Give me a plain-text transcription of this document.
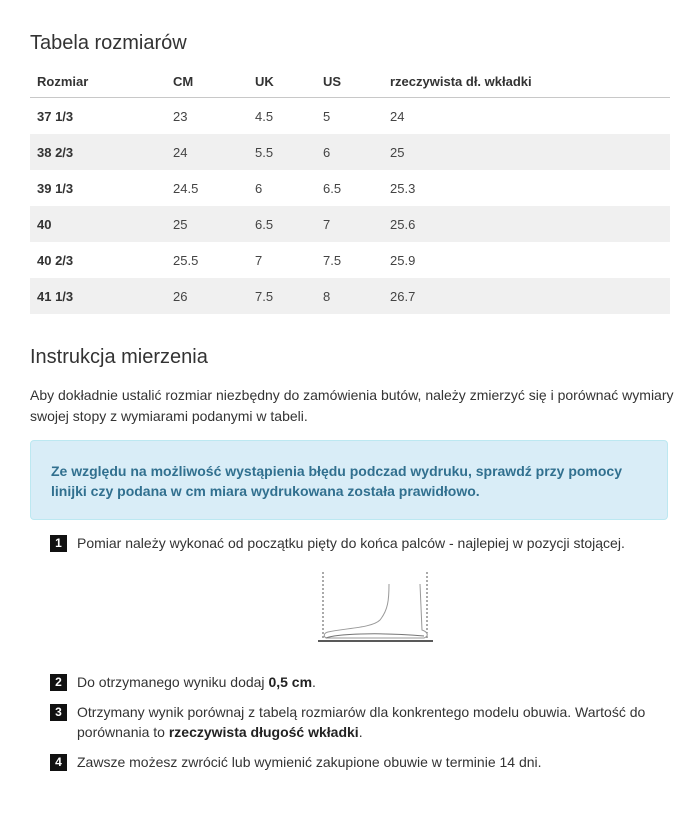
Tabela rozmiarów
Rozmiar	CM	UK	US	rzeczywista dł. wkładki
37 1/3	23	4.5	5	24
38 2/3	24	5.5	6	25
39 1/3	24.5	6	6.5	25.3
40	25	6.5	7	25.6
40 2/3	25.5	7	7.5	25.9
41 1/3	26	7.5	8	26.7
Instrukcja mierzenia

Aby dokładnie ustalić rozmiar niezbędny do zamówienia butów, należy zmierzyć się i porównać wymiary swojej stopy z wymiarami podanymi w tabeli.

Ze względu na możliwość wystąpienia błędu podczad wydruku, sprawdź przy pomocy linijki czy podana w cm miara wydrukowana została prawidłowo.

1	Pomiar należy wykonać od początku pięty do końca palców - najlepiej w pozycji stojącej.
2	Do otrzymanego wyniku dodaj 0,5 cm.
3	Otrzymany wynik porównaj z tabelą rozmiarów dla konkrentego modelu obuwia. Wartość do porównania to rzeczywista długość wkładki.
4	Zawsze możesz zwrócić lub wymienić zakupione obuwie w terminie 14 dni.
